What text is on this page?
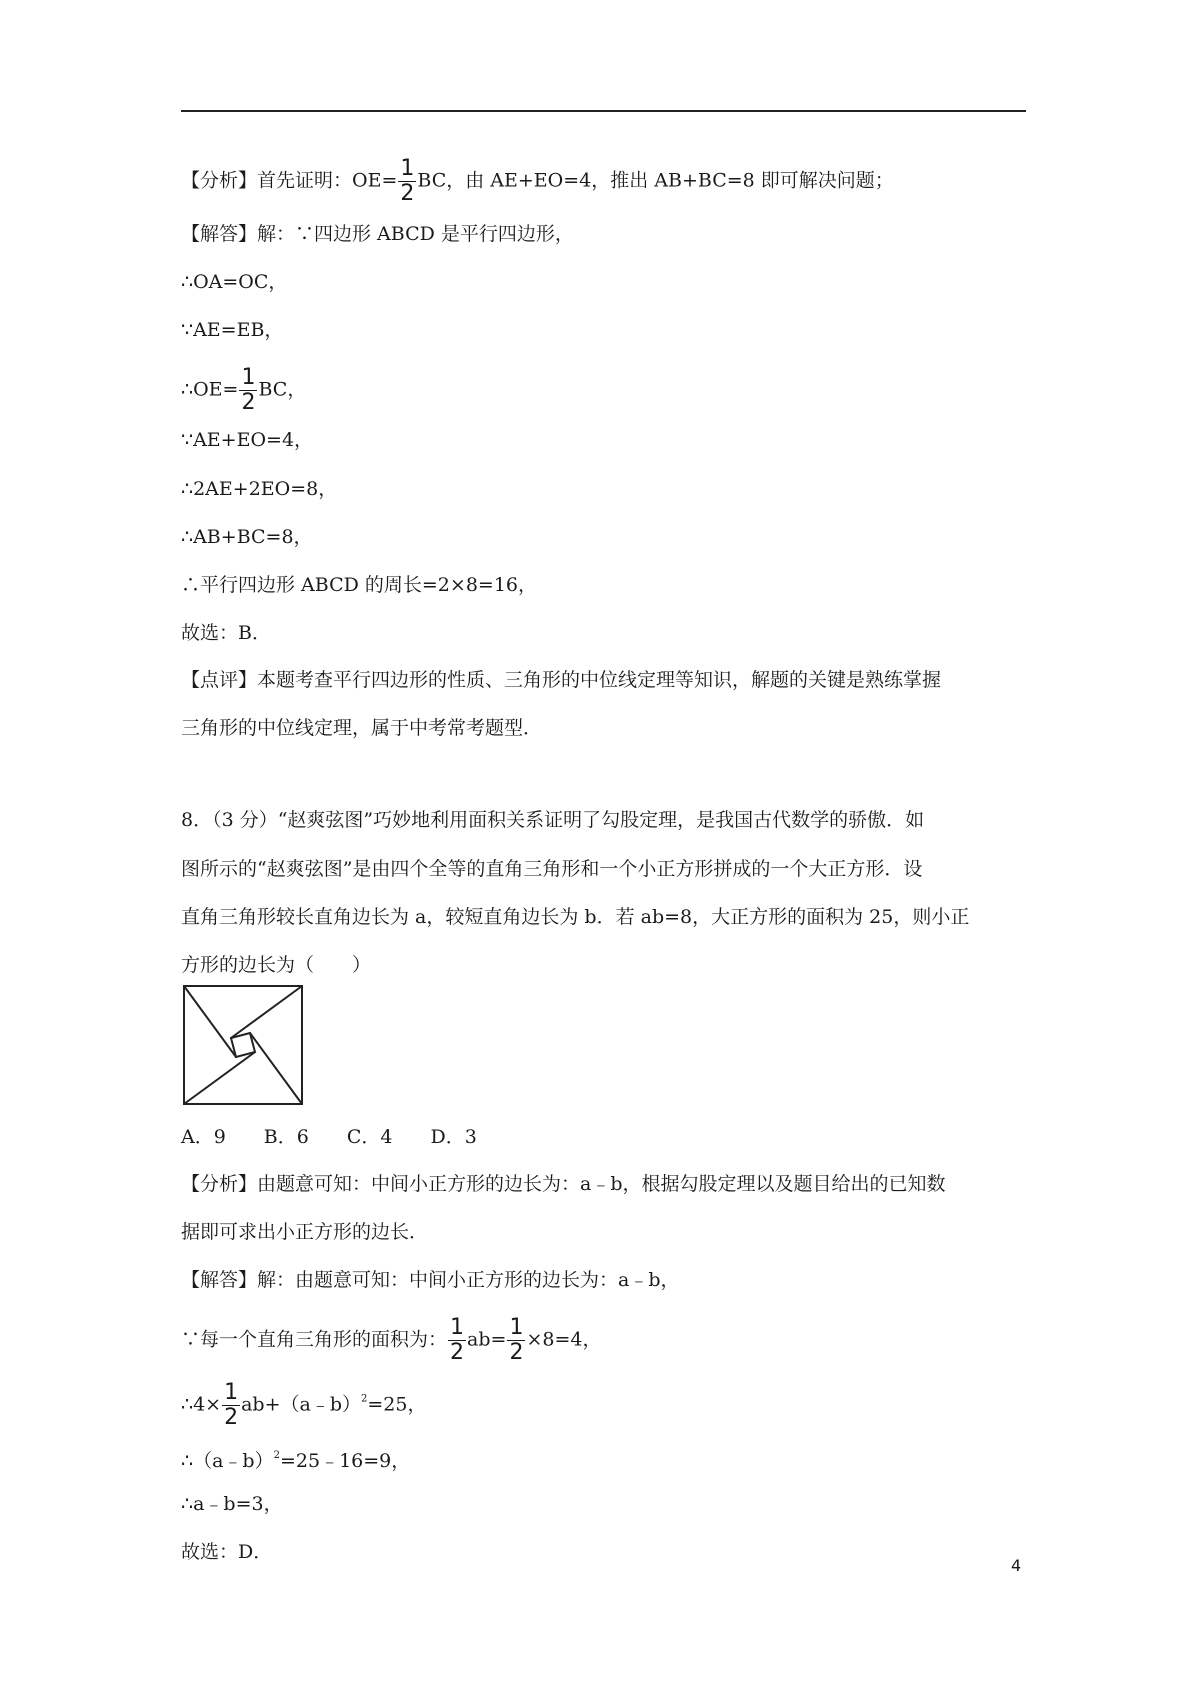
【分析】首先证明：$OE= \frac{1}{2}$ BC，由 AE+EO=4，推出 AB+BC=8 即可解决问题；
【解答】解：∵四边形 ABCD 是平行四边形，
∴OA=OC，
∵AE=EB，
∴OE= $\frac{1}{2}$ BC，
∵AE+EO=4，
∴2AE+2EO=8，
∴AB+BC=8，
∴平行四边形 ABCD 的周长=2×8=16，
故选：B．
【点评】本题考查平行四边形的性质、三角形的中位线定理等知识，解题的关键是熟练掌握
三角形的中位线定理，属于中考常考题型．
8．（3 分）“赵爽弦图”巧妙地利用面积关系证明了勾股定理，是我国古代数学的骄傲．如
图所示的“赵爽弦图”是由四个全等的直角三角形和一个小正方形拼成的一个大正方形．设
直角三角形较长直角边长为 a，较短直角边长为 b．若 ab=8，大正方形的面积为 25，则小正
方形的边长为（　　）
A．9　　B．6　　C．4　　D．3
【分析】由题意可知：中间小正方形的边长为：a﹣b，根据勾股定理以及题目给出的已知数
据即可求出小正方形的边长．
【解答】解：由题意可知：中间小正方形的边长为：a﹣b，
∵每一个直角三角形的面积为： $\frac{1}{2} ab= \frac{1}{2} \times 8=4$，
∴4× $\frac{1}{2}$ ab+（a﹣b）$^2$=25，
∴（a﹣b）$^2$=25﹣16=9，
∴a﹣b=3，
故选：D．
4
